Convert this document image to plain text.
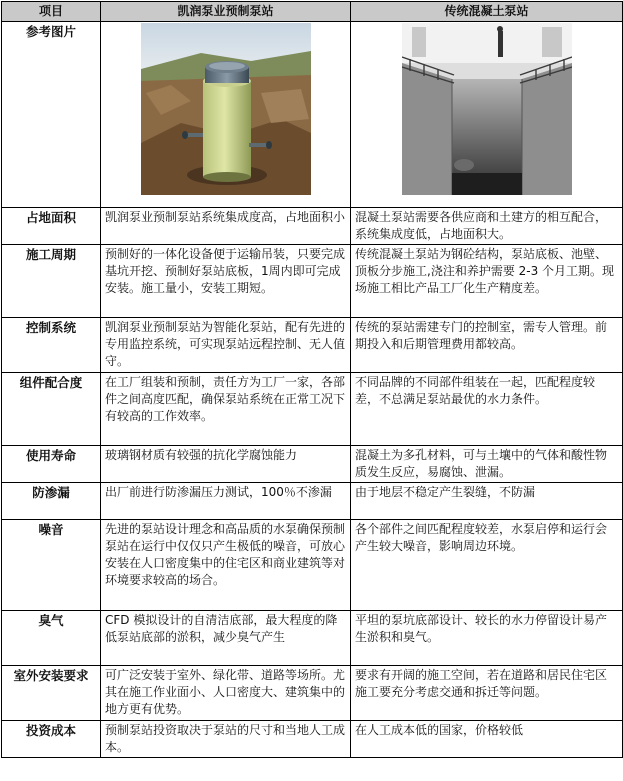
项目	凯润泵业预制泵站	传统混凝土泵站
参考图片	

占地面积	凯润泵业预制泵站系统集成度高，占地面积小	混凝土泵站需要各供应商和土建方的相互配合，系统集成度低，占地面积大。
施工周期	预制好的一体化设备便于运输吊装，只要完成基坑开挖、预制好泵站底板，1周内即可完成安装。施工量小，安装工期短。	传统混凝土泵站为钢砼结构，泵站底板、池壁、顶板分步施工,浇注和养护需要 2-3 个月工期。现场施工相比产品工厂化生产精度差。
控制系统	凯润泵业预制泵站为智能化泵站，配有先进的专用监控系统，可实现泵站远程控制、无人值守。	传统的泵站需建专门的控制室，需专人管理。前期投入和后期管理费用都较高。
组件配合度	在工厂组装和预制，责任方为工厂一家，各部件之间高度匹配，确保泵站系统在正常工况下有较高的工作效率。	不同品牌的不同部件组装在一起，匹配程度较差，不总满足泵站最优的水力条件。
使用寿命	玻璃钢材质有较强的抗化学腐蚀能力	混凝土为多孔材料，可与土壤中的气体和酸性物质发生反应，易腐蚀、泄漏。
防渗漏	出厂前进行防渗漏压力测试，100％不渗漏	由于地层不稳定产生裂缝，不防漏
噪音	先进的泵站设计理念和高品质的水泵确保预制泵站在运行中仅仅只产生极低的噪音，可放心安装在人口密度集中的住宅区和商业建筑等对环境要求较高的场合。	各个部件之间匹配程度较差，水泵启停和运行会产生较大噪音，影响周边环境。
臭气	CFD 模拟设计的自清洁底部，最大程度的降低泵站底部的淤积，减少臭气产生	平坦的泵坑底部设计、较长的水力停留设计易产生淤积和臭气。
室外安装要求	可广泛安装于室外、绿化带、道路等场所。尤其在施工作业面小、人口密度大、建筑集中的地方更有优势。	要求有开阔的施工空间，若在道路和居民住宅区施工要充分考虑交通和拆迁等问题。
投资成本	预制泵站投资取决于泵站的尺寸和当地人工成本。	在人工成本低的国家，价格较低
